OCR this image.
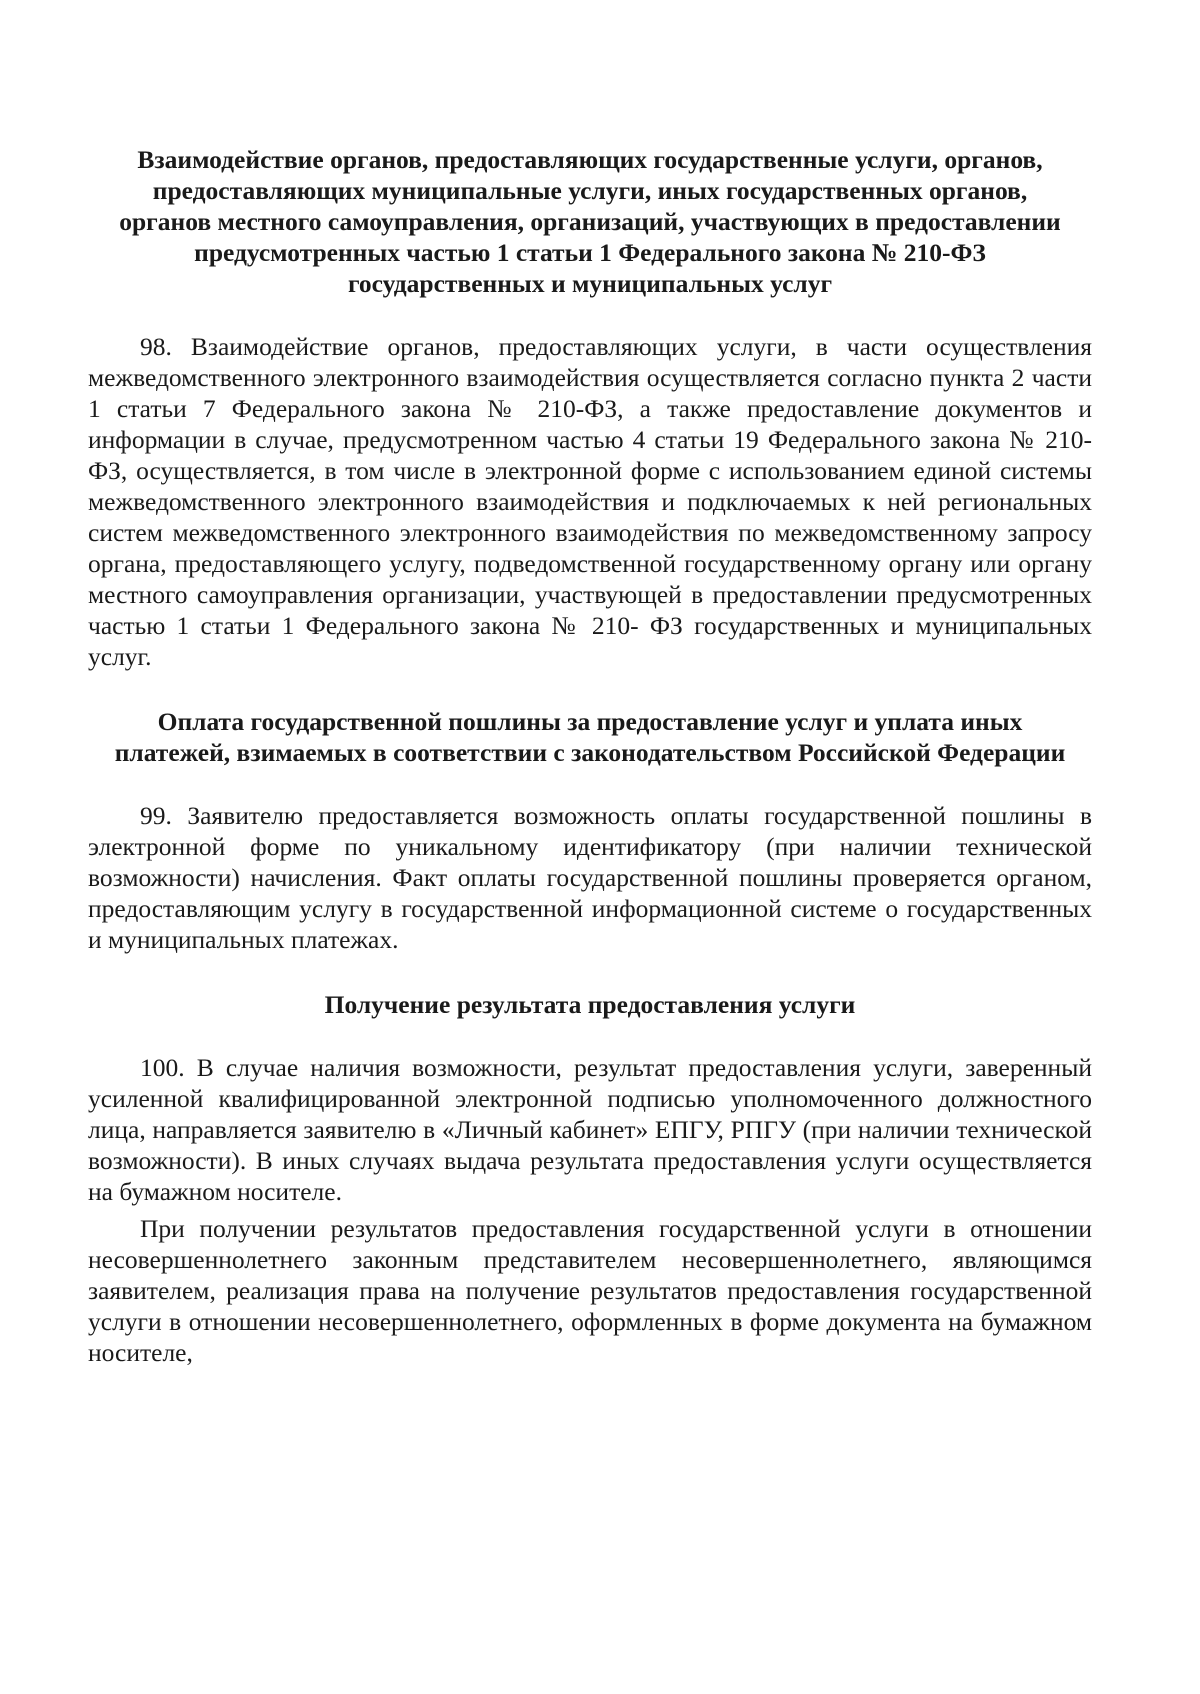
Взаимодействие органов, предоставляющих государственные услуги, органов, предоставляющих муниципальные услуги, иных государственных органов, органов местного самоуправления, организаций, участвующих в предоставлении предусмотренных частью 1 статьи 1 Федерального закона № 210-ФЗ государственных и муниципальных услуг

98. Взаимодействие органов, предоставляющих услуги, в части осуществления межведомственного электронного взаимодействия осуществляется согласно пункта 2 части 1 статьи 7 Федерального закона № 210-ФЗ, а также предоставление документов и информации в случае, предусмотренном частью 4 статьи 19 Федерального закона № 210-ФЗ, осуществляется, в том числе в электронной форме с использованием единой системы межведомственного электронного взаимодействия и подключаемых к ней региональных систем межведомственного электронного взаимодействия по межведомственному запросу органа, предоставляющего услугу, подведомственной государственному органу или органу местного самоуправления организации, участвующей в предоставлении предусмотренных частью 1 статьи 1 Федерального закона № 210- ФЗ государственных и муниципальных услуг.

Оплата государственной пошлины за предоставление услуг и уплата иных платежей, взимаемых в соответствии с законодательством Российской Федерации

99. Заявителю предоставляется возможность оплаты государственной пошлины в электронной форме по уникальному идентификатору (при наличии технической возможности) начисления. Факт оплаты государственной пошлины проверяется органом, предоставляющим услугу в государственной информационной системе о государственных и муниципальных платежах.

Получение результата предоставления услуги

100. В случае наличия возможности, результат предоставления услуги, заверенный усиленной квалифицированной электронной подписью уполномоченного должностного лица, направляется заявителю в «Личный кабинет» ЕПГУ, РПГУ (при наличии технической возможности). В иных случаях выдача результата предоставления услуги осуществляется на бумажном носителе.

При получении результатов предоставления государственной услуги в отношении несовершеннолетнего законным представителем несовершеннолетнего, являющимся заявителем, реализация права на получение результатов предоставления государственной услуги в отношении несовершеннолетнего, оформленных в форме документа на бумажном носителе,
